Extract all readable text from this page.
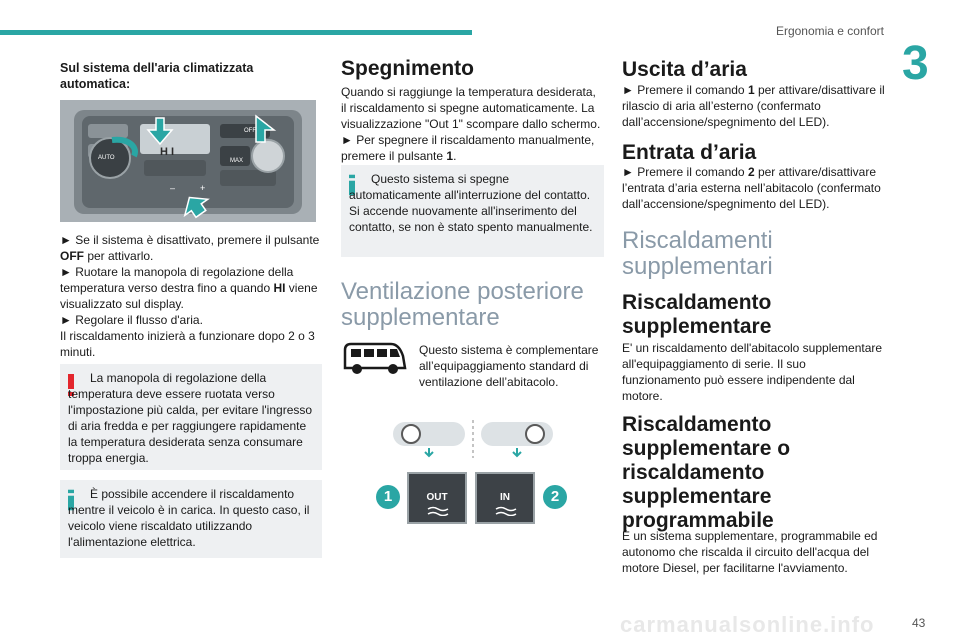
Ergonomia e confort
3
Sul sistema dell'aria climatizzata automatica:
AUTO
OFF
MAX
H I
–	+

► Se il sistema è disattivato, premere il pulsante OFF per attivarlo.

► Ruotare la manopola di regolazione della temperatura verso destra fino a quando HI viene visualizzato sul display.

► Regolare il flusso d'aria.

Il riscaldamento inizierà a funzionare dopo 2 o 3 minuti.

La manopola di regolazione della temperatura deve essere ruotata verso l'impostazione più calda, per evitare l'ingresso di aria fredda e per raggiungere rapidamente la temperatura desiderata senza consumare troppa energia.
È possibile accendere il riscaldamento mentre il veicolo è in carica. In questo caso, il veicolo viene riscaldato utilizzando l'alimentazione elettrica.
Spegnimento

Quando si raggiunge la temperatura desiderata, il riscaldamento si spegne automaticamente. La visualizzazione "Out 1" scompare dallo schermo.

► Per spegnere il riscaldamento manualmente, premere il pulsante 1.

Questo sistema si spegne automaticamente all'interruzione del contatto. Si accende nuovamente all'inserimento del contatto, se non è stato spento manualmente.
Ventilazione posteriore supplementare

Questo sistema è complementare all’equipaggiamento standard di ventilazione dell’abitacolo.

1	OUT	IN	2
Uscita d’aria

► Premere il comando 1 per attivare/disattivare il rilascio di aria all’esterno (confermato dall’accensione/spegnimento del LED).

Entrata d’aria

► Premere il comando 2 per attivare/disattivare l’entrata d’aria esterna nell’abitacolo (confermato dall’accensione/spegnimento del LED).

Riscaldamenti supplementari
Riscaldamento supplementare

E' un riscaldamento dell'abitacolo supplementare all'equipaggiamento di serie. Il suo funzionamento può essere indipendente dal motore.

Riscaldamento supplementare o riscaldamento supplementare programmabile

È un sistema supplementare, programmabile ed autonomo che riscalda il circuito dell'acqua del motore Diesel, per facilitarne l'avviamento.

43
carmanualsonline.info
